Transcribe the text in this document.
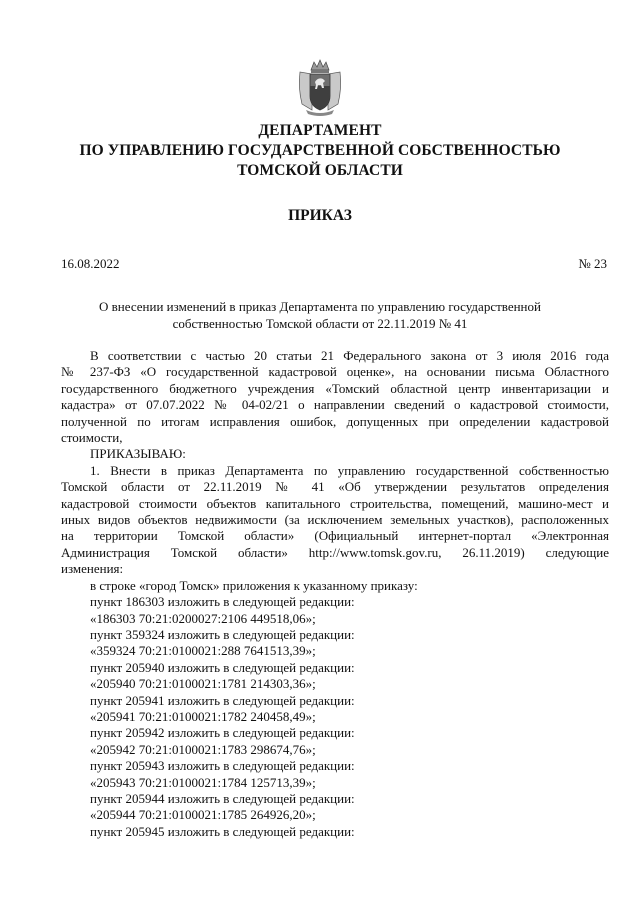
ДЕПАРТАМЕНТ
ПО УПРАВЛЕНИЮ ГОСУДАРСТВЕННОЙ СОБСТВЕННОСТЬЮ
ТОМСКОЙ ОБЛАСТИ
ПРИКАЗ
16.08.2022	№ 23
О внесении изменений в приказ Департамента по управлению государственной
собственностью Томской области от 22.11.2019 № 41
В соответствии с частью 20 статьи 21 Федерального закона от 3 июля 2016 года
№ 237-ФЗ «О государственной кадастровой оценке», на основании письма Областного
государственного бюджетного учреждения «Томский областной центр инвентаризации и
кадастра» от 07.07.2022 № 04-02/21 о направлении сведений о кадастровой стоимости,
полученной по итогам исправления ошибок, допущенных при определении кадастровой
стоимости,
ПРИКАЗЫВАЮ:
1. Внести в приказ Департамента по управлению государственной собственностью
Томской области от 22.11.2019 № 41 «Об утверждении результатов определения
кадастровой стоимости объектов капитального строительства, помещений, машино-мест и
иных видов объектов недвижимости (за исключением земельных участков), расположенных
на территории Томской области» (Официальный интернет-портал «Электронная
Администрация Томской области» http://www.tomsk.gov.ru, 26.11.2019) следующие
изменения:
в строке «город Томск» приложения к указанному приказу:
пункт 186303 изложить в следующей редакции:
«186303 70:21:0200027:2106 449518,06»;
пункт 359324 изложить в следующей редакции:
«359324 70:21:0100021:288 7641513,39»;
пункт 205940 изложить в следующей редакции:
«205940 70:21:0100021:1781 214303,36»;
пункт 205941 изложить в следующей редакции:
«205941 70:21:0100021:1782 240458,49»;
пункт 205942 изложить в следующей редакции:
«205942 70:21:0100021:1783 298674,76»;
пункт 205943 изложить в следующей редакции:
«205943 70:21:0100021:1784 125713,39»;
пункт 205944 изложить в следующей редакции:
«205944 70:21:0100021:1785 264926,20»;
пункт 205945 изложить в следующей редакции:
